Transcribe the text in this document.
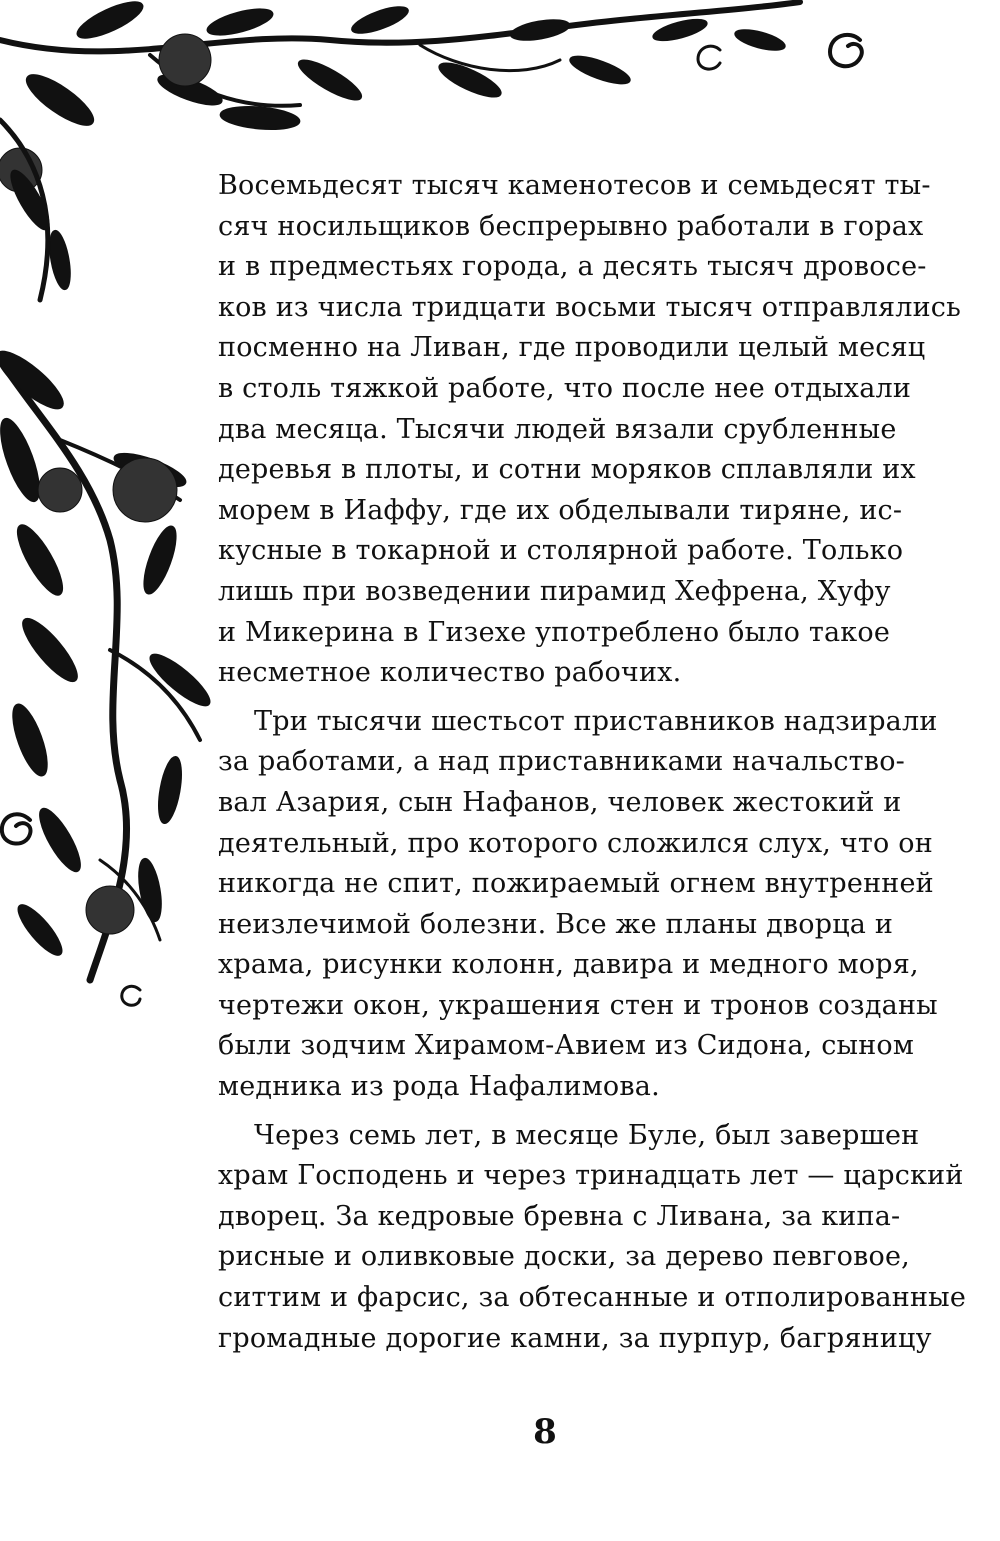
Восемьдесят тысяч каменотесов и семьдесят ты-
сяч носильщиков беспрерывно работали в горах
и в предместьях города, а десять тысяч дровосе-
ков из числа тридцати восьми тысяч отправлялись
посменно на Ливан, где проводили целый месяц
в столь тяжкой работе, что после нее отдыхали
два месяца. Тысячи людей вязали срубленные
деревья в плоты, и сотни моряков сплавляли их
морем в Иаффу, где их обделывали тиряне, ис-
кусные в токарной и столярной работе. Только
лишь при возведении пирамид Хефрена, Хуфу
и Микерина в Гизехе употреблено было такое
несметное количество рабочих.
Три тысячи шестьсот приставников надзирали
за работами, а над приставниками начальство-
вал Азария, сын Нафанов, человек жестокий и
деятельный, про которого сложился слух, что он
никогда не спит, пожираемый огнем внутренней
неизлечимой болезни. Все же планы дворца и
храма, рисунки колонн, давира и медного моря,
чертежи окон, украшения стен и тронов созданы
были зодчим Хирамом-Авием из Сидона, сыном
медника из рода Нафалимова.
Через семь лет, в месяце Буле, был завершен
храм Господень и через тринадцать лет — царский
дворец. За кедровые бревна с Ливана, за кипа-
рисные и оливковые доски, за дерево певговое,
ситтим и фарсис, за обтесанные и отполированные
громадные дорогие камни, за пурпур, багряницу
8
